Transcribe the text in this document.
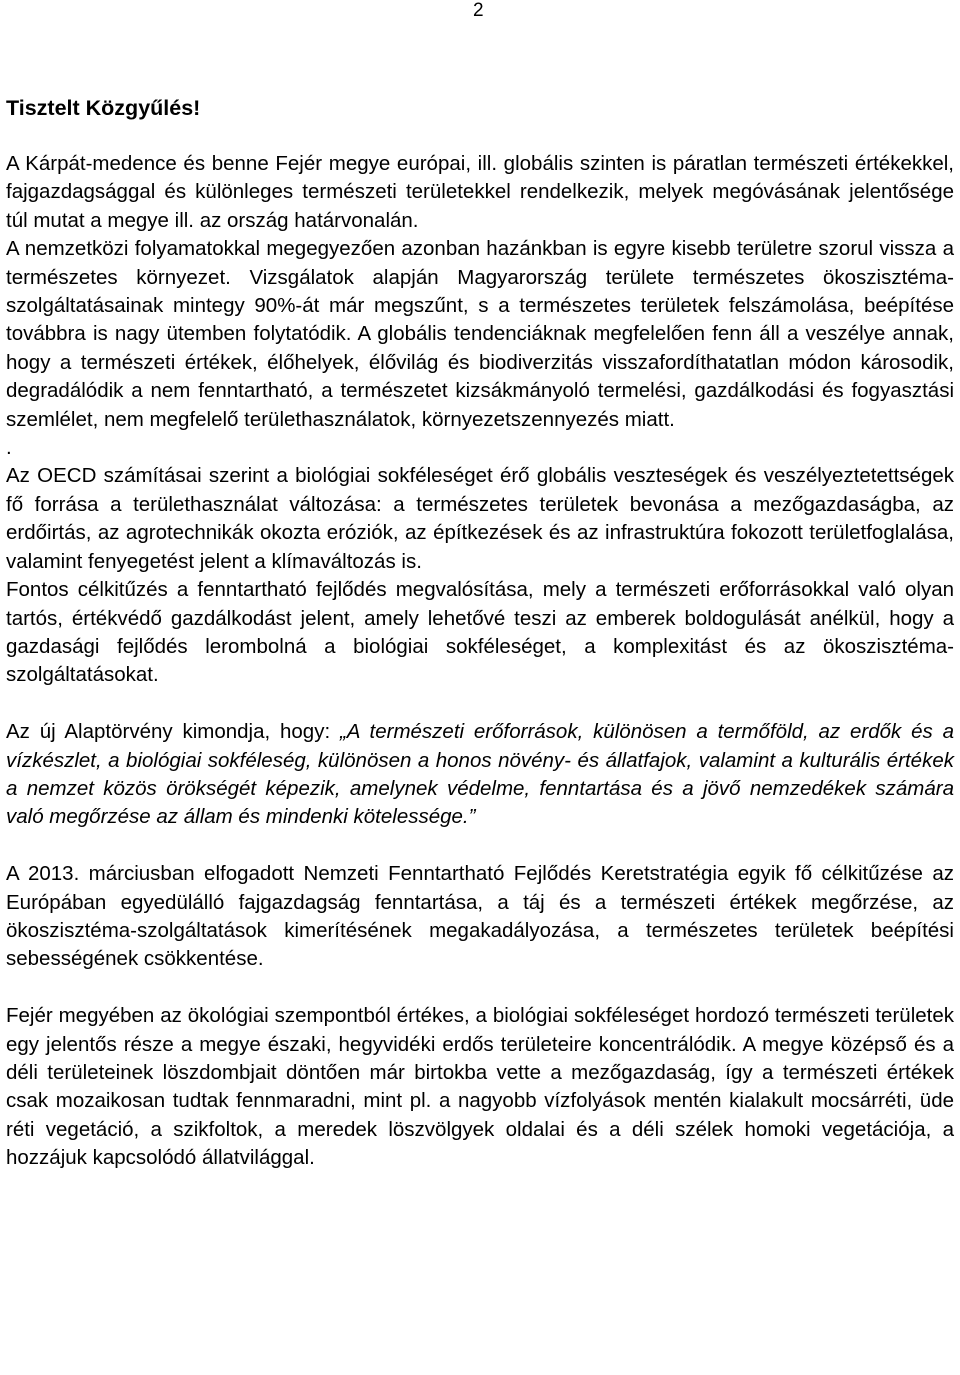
2
Tisztelt Közgyűlés!

A Kárpát-medence és benne Fejér megye európai, ill. globális szinten is páratlan természeti értékekkel, fajgazdagsággal és különleges természeti területekkel rendelkezik, melyek megóvásának jelentősége túl mutat a megye ill. az ország határvonalán.

A nemzetközi folyamatokkal megegyezően azonban hazánkban is egyre kisebb területre szorul vissza a természetes környezet. Vizsgálatok alapján Magyarország területe természetes ökoszisztéma-szolgáltatásainak mintegy 90%-át már megszűnt, s a természetes területek felszámolása, beépítése továbbra is nagy ütemben folytatódik. A globális tendenciáknak megfelelően fenn áll a veszélye annak, hogy a természeti értékek, élőhelyek, élővilág és biodiverzitás visszafordíthatatlan módon károsodik, degradálódik a nem fenntartható, a természetet kizsákmányoló termelési, gazdálkodási és fogyasztási szemlélet, nem megfelelő területhasználatok, környezetszennyezés miatt.

.

Az OECD számításai szerint a biológiai sokféleséget érő globális veszteségek és veszélyeztetettségek fő forrása a területhasználat változása: a természetes területek bevonása a mezőgazdaságba, az erdőirtás, az agrotechnikák okozta eróziók, az építkezések és az infrastruktúra fokozott területfoglalása, valamint fenyegetést jelent a klímaváltozás is.

Fontos célkitűzés a fenntartható fejlődés megvalósítása, mely a természeti erőforrásokkal való olyan tartós, értékvédő gazdálkodást jelent, amely lehetővé teszi az emberek boldogulását anélkül, hogy a gazdasági fejlődés lerombolná a biológiai sokféleséget, a komplexitást és az ökoszisztéma-szolgáltatásokat.

Az új Alaptörvény kimondja, hogy: „A természeti erőforrások, különösen a termőföld, az erdők és a vízkészlet, a biológiai sokféleség, különösen a honos növény- és állatfajok, valamint a kulturális értékek a nemzet közös örökségét képezik, amelynek védelme, fenntartása és a jövő nemzedékek számára való megőrzése az állam és mindenki kötelessége.”

A 2013. márciusban elfogadott Nemzeti Fenntartható Fejlődés Keretstratégia egyik fő célkitűzése az Európában egyedülálló fajgazdagság fenntartása, a táj és a természeti értékek megőrzése, az ökoszisztéma-szolgáltatások kimerítésének megakadályozása, a természetes területek beépítési sebességének csökkentése.

Fejér megyében az ökológiai szempontból értékes, a biológiai sokféleséget hordozó természeti területek egy jelentős része a megye északi, hegyvidéki erdős területeire koncentrálódik. A megye középső és a déli területeinek löszdombjait döntően már birtokba vette a mezőgazdaság, így a természeti értékek csak mozaikosan tudtak fennmaradni, mint pl. a nagyobb vízfolyások mentén kialakult mocsárréti, üde réti vegetáció, a szikfoltok, a meredek löszvölgyek oldalai és a déli szélek homoki vegetációja, a hozzájuk kapcsolódó állatvilággal.
